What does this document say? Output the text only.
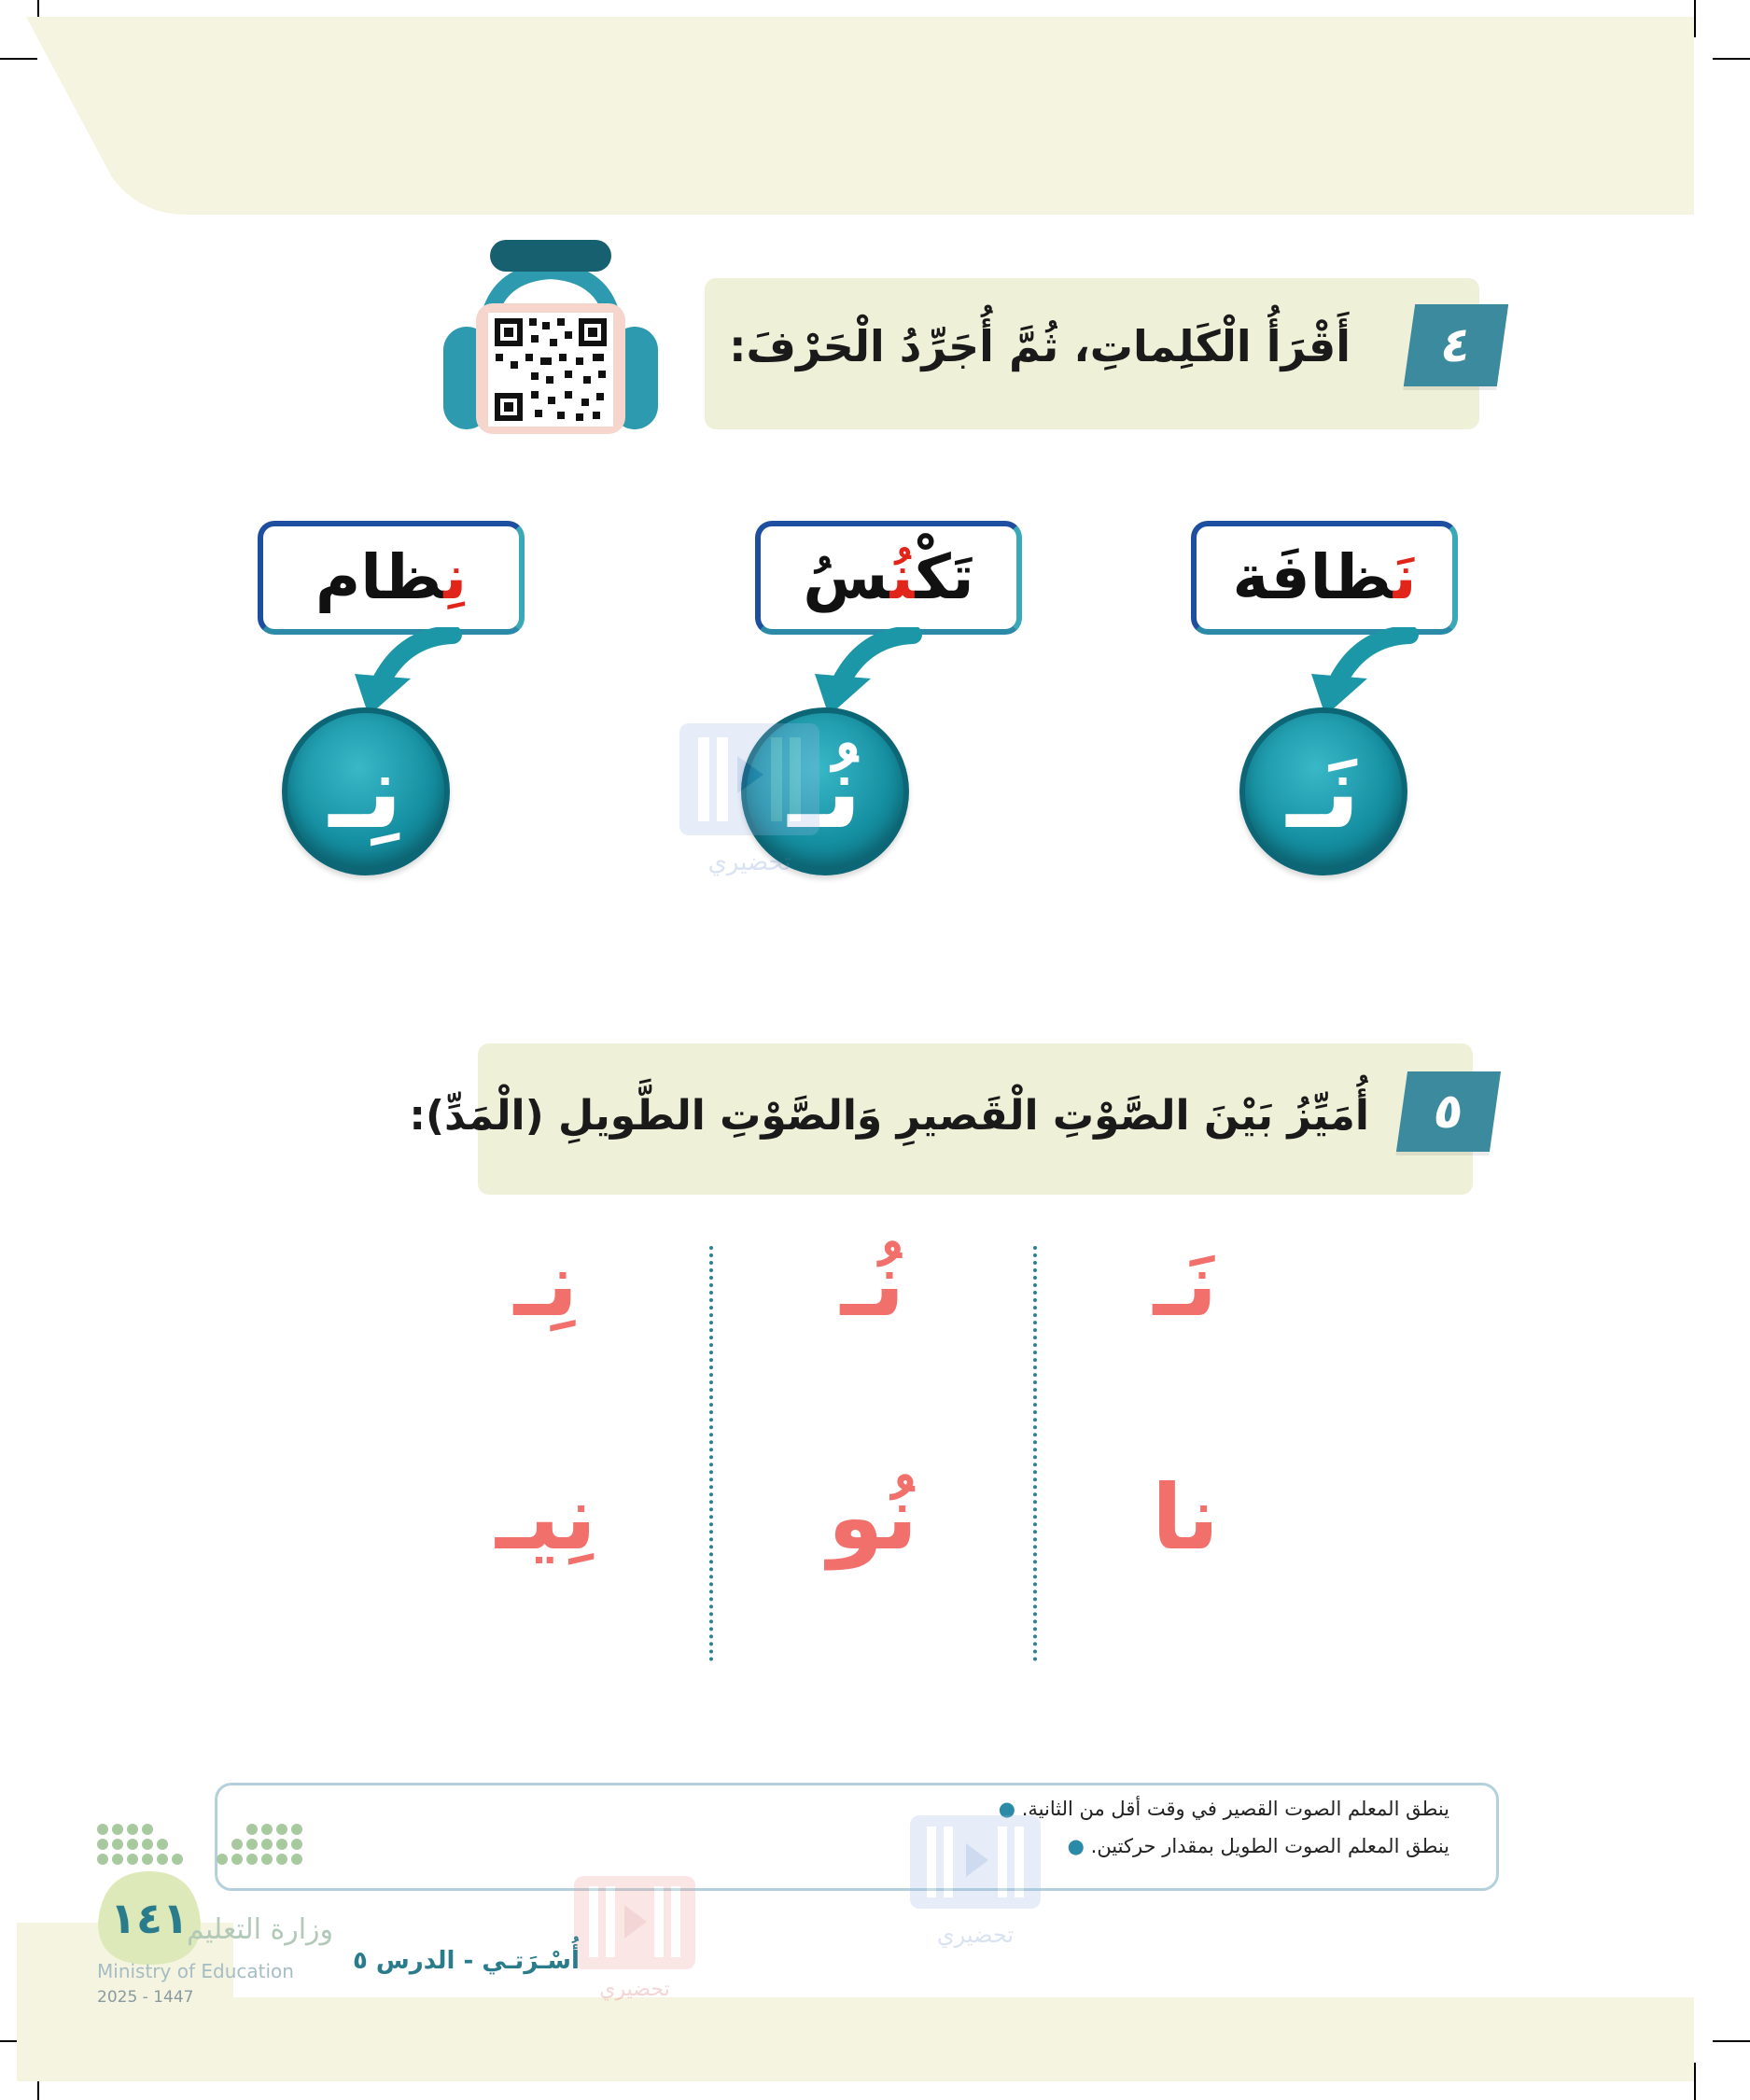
٤
أَقْرَأُ الْكَلِماتِ، ثُمَّ أُجَرِّدُ الْحَرْفَ:
نَظافَة
تَكْنُسُ
نِظام
نَـ
نُـ
نِـ
تحضيري
٥
أُمَيِّزُ بَيْنَ الصَّوْتِ الْقَصيرِ وَالصَّوْتِ الطَّويلِ (الْمَدِّ):
نَـ
نُـ
نِـ
نا
نُو
نِيـ
ينطق المعلم الصوت القصير في وقت أقل من الثانية. ●
ينطق المعلم الصوت الطويل بمقدار حركتين. ●
تحضيري
تحضيري
١٤١
وزارة التعليم
Ministry of Education
2025 - 1447
أُسْـرَتـي - الدرس ٥
